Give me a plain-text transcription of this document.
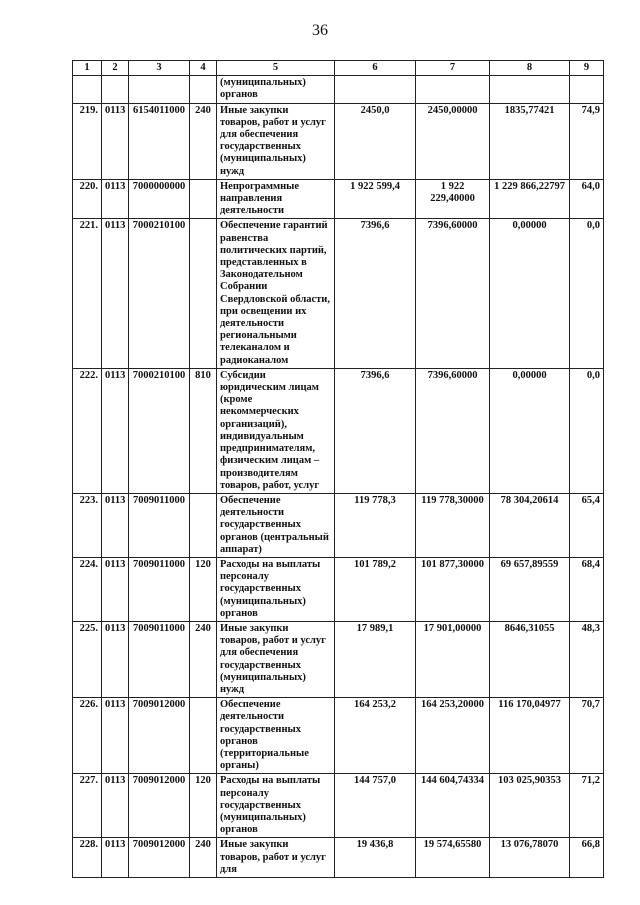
36
1	2	3	4	5	6	7	8	9
				(муниципальных) органов				
219.	0113	6154011000	240	Иные закупки товаров, работ и услуг для обеспечения государственных (муниципальных) нужд	2450,0	2450,00000	1835,77421	74,9
220.	0113	7000000000		Непрограммные направления деятельности	1 922 599,4	1 922 229,40000	1 229 866,22797	64,0
221.	0113	7000210100		Обеспечение гарантий равенства политических партий, представленных в Законодательном Собрании Свердловской области, при освещении их деятельности региональными телеканалом и радиоканалом	7396,6	7396,60000	0,00000	0,0
222.	0113	7000210100	810	Субсидии юридическим лицам (кроме некоммерческих организаций), индивидуальным предпринимателям, физическим лицам – производителям товаров, работ, услуг	7396,6	7396,60000	0,00000	0,0
223.	0113	7009011000		Обеспечение деятельности государственных органов (центральный аппарат)	119 778,3	119 778,30000	78 304,20614	65,4
224.	0113	7009011000	120	Расходы на выплаты персоналу государственных (муниципальных) органов	101 789,2	101 877,30000	69 657,89559	68,4
225.	0113	7009011000	240	Иные закупки товаров, работ и услуг для обеспечения государственных (муниципальных) нужд	17 989,1	17 901,00000	8646,31055	48,3
226.	0113	7009012000		Обеспечение деятельности государственных органов (территориальные органы)	164 253,2	164 253,20000	116 170,04977	70,7
227.	0113	7009012000	120	Расходы на выплаты персоналу государственных (муниципальных) органов	144 757,0	144 604,74334	103 025,90353	71,2
228.	0113	7009012000	240	Иные закупки товаров, работ и услуг для	19 436,8	19 574,65580	13 076,78070	66,8
